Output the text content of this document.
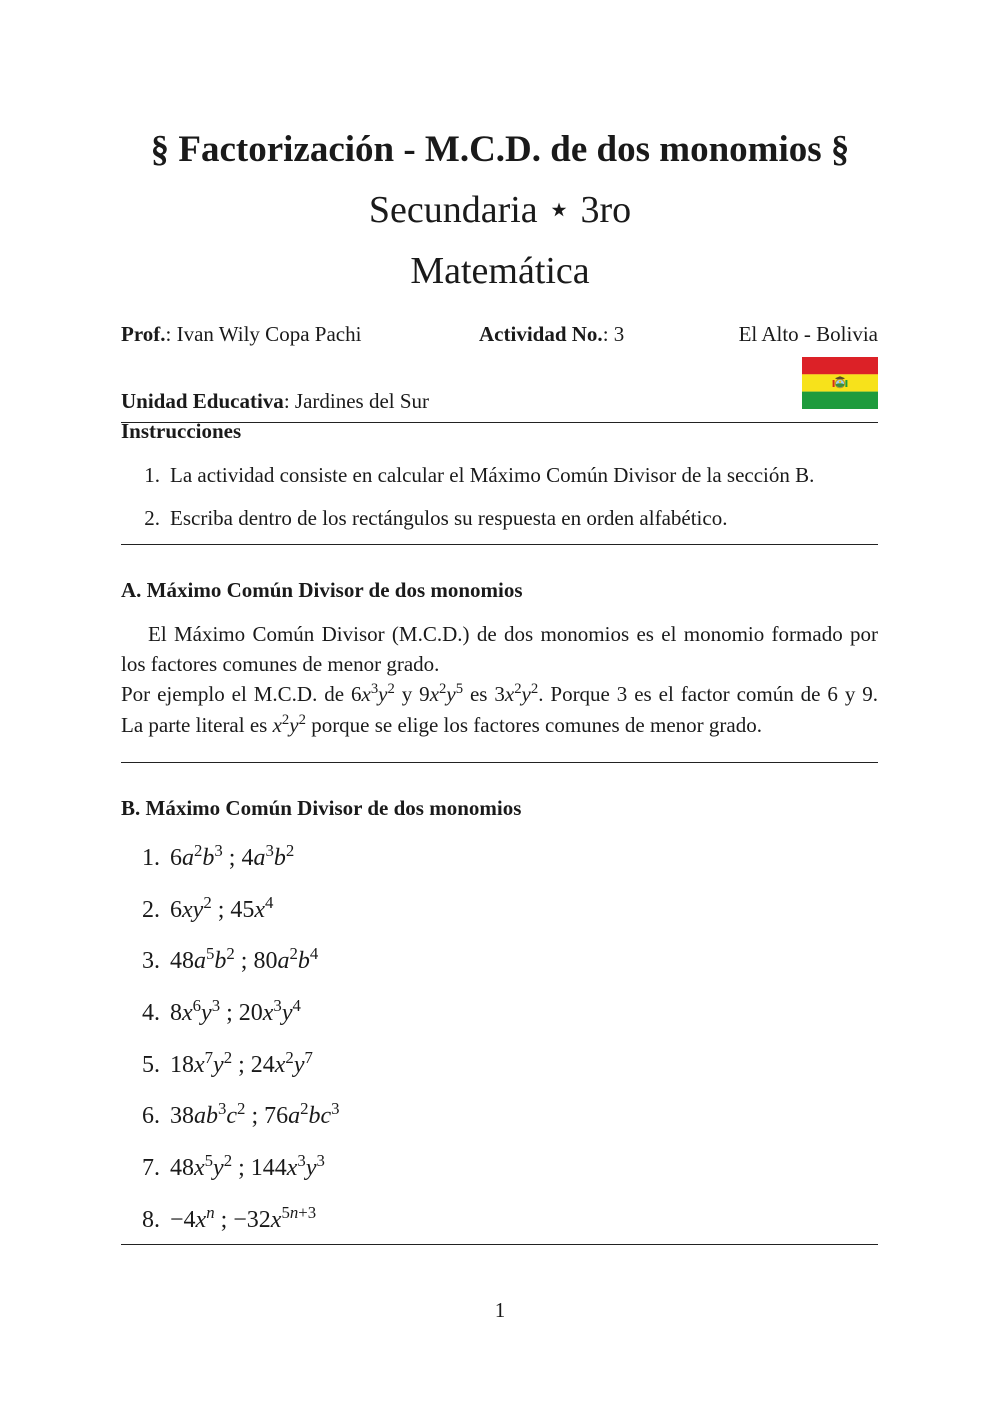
§ Factorización - M.C.D. de dos monomios §
Secundaria ⋆ 3ro
Matemática
Prof.: Ivan Wily Copa Pachi	Actividad No.: 3	El Alto - Bolivia
Unidad Educativa: Jardines del Sur
Instrucciones
1. La actividad consiste en calcular el Máximo Común Divisor de la sección B.
2. Escriba dentro de los rectángulos su respuesta en orden alfabético.
A. Máximo Común Divisor de dos monomios
El Máximo Común Divisor (M.C.D.) de dos monomios es el monomio formado por
los factores comunes de menor grado.
Por ejemplo el M.C.D. de $6x^3y^2$ y $9x^2y^5$ es $3x^2y^2$. Porque 3 es el factor común de 6 y 9.
La parte literal es $x^2y^2$ porque se elige los factores comunes de menor grado.
B. Máximo Común Divisor de dos monomios
1. $6a^2b^3$ ; $4a^3b^2$
2. $6xy^2$ ; $45x^4$
3. $48a^5b^2$ ; $80a^2b^4$
4. $8x^6y^3$ ; $20x^3y^4$
5. $18x^7y^2$ ; $24x^2y^7$
6. $38ab^3c^2$ ; $76a^2bc^3$
7. $48x^5y^2$ ; $144x^3y^3$
8. $-4x^n$ ; $-32x^{5n+3}$
1
